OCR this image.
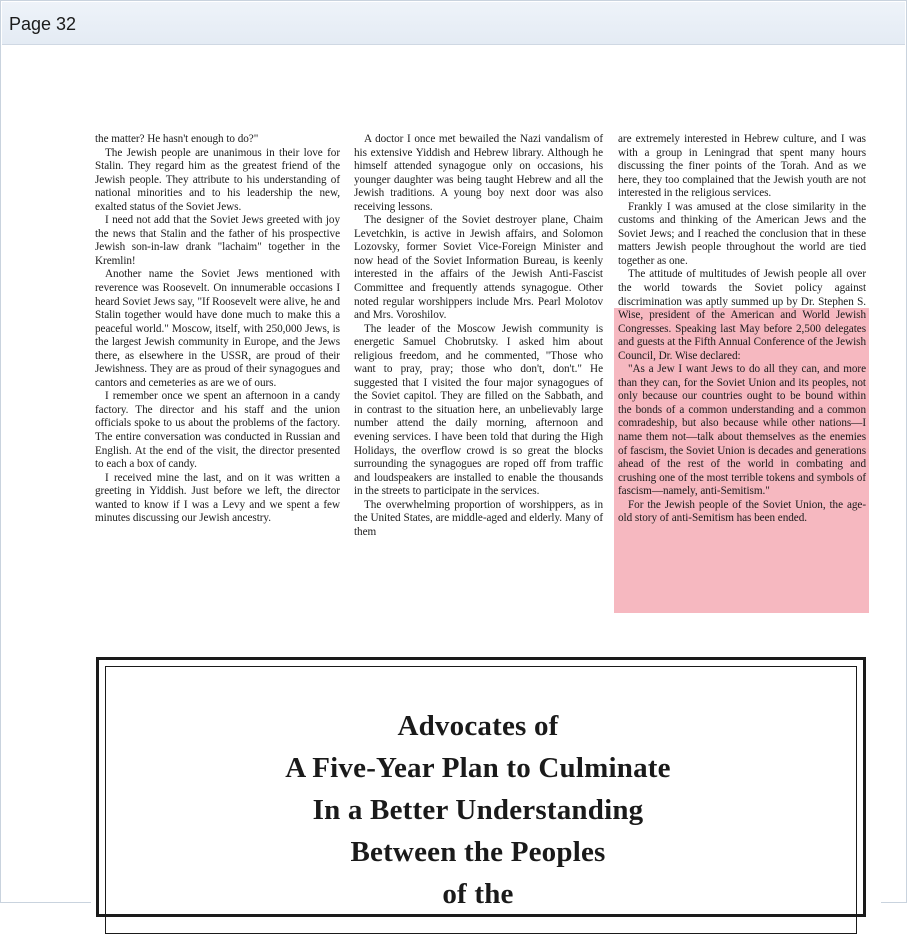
Page 32

the matter? He hasn't enough to do?"

The Jewish people are unanimous in their love for Stalin. They regard him as the greatest friend of the Jewish people. They attribute to his understanding of national minorities and to his leadership the new, exalted status of the Soviet Jews.

I need not add that the Soviet Jews greeted with joy the news that Stalin and the father of his prospective Jewish son-in-law drank "lachaim" together in the Kremlin!

Another name the Soviet Jews mentioned with reverence was Roosevelt. On innumerable occasions I heard Soviet Jews say, "If Roosevelt were alive, he and Stalin together would have done much to make this a peaceful world." Moscow, itself, with 250,000 Jews, is the largest Jewish community in Europe, and the Jews there, as elsewhere in the USSR, are proud of their Jewishness. They are as proud of their synagogues and cantors and cemeteries as are we of ours.

I remember once we spent an afternoon in a candy factory. The director and his staff and the union officials spoke to us about the problems of the factory. The entire conversation was conducted in Russian and English. At the end of the visit, the director presented to each a box of candy.

I received mine the last, and on it was written a greeting in Yiddish. Just before we left, the director wanted to know if I was a Levy and we spent a few minutes discussing our Jewish ancestry.

A doctor I once met bewailed the Nazi vandalism of his extensive Yiddish and Hebrew library. Although he himself attended synagogue only on occasions, his younger daughter was being taught Hebrew and all the Jewish traditions. A young boy next door was also receiving lessons.

The designer of the Soviet destroyer plane, Chaim Levetchkin, is active in Jewish affairs, and Solomon Lozovsky, former Soviet Vice-Foreign Minister and now head of the Soviet Information Bureau, is keenly interested in the affairs of the Jewish Anti-Fascist Committee and frequently attends synagogue. Other noted regular worshippers include Mrs. Pearl Molotov and Mrs. Voroshilov.

The leader of the Moscow Jewish community is energetic Samuel Chobrutsky. I asked him about religious freedom, and he commented, "Those who want to pray, pray; those who don't, don't." He suggested that I visited the four major synagogues of the Soviet capitol. They are filled on the Sabbath, and in contrast to the situation here, an unbelievably large number attend the daily morning, afternoon and evening services. I have been told that during the High Holidays, the overflow crowd is so great the blocks surrounding the synagogues are roped off from traffic and loudspeakers are installed to enable the thousands in the streets to participate in the services.

The overwhelming proportion of worshippers, as in the United States, are middle-aged and elderly. Many of them

are extremely interested in Hebrew culture, and I was with a group in Leningrad that spent many hours discussing the finer points of the Torah. And as we here, they too complained that the Jewish youth are not interested in the religious services.

Frankly I was amused at the close similarity in the customs and thinking of the American Jews and the Soviet Jews; and I reached the conclusion that in these matters Jewish people throughout the world are tied together as one.

The attitude of multitudes of Jewish people all over the world towards the Soviet policy against discrimination was aptly summed up by Dr. Stephen S. Wise, president of the American and World Jewish Congresses. Speaking last May before 2,500 delegates and guests at the Fifth Annual Conference of the Jewish Council, Dr. Wise declared:

"As a Jew I want Jews to do all they can, and more than they can, for the Soviet Union and its peoples, not only because our countries ought to be bound within the bonds of a common understanding and a common comradeship, but also because while other nations—I name them not—talk about themselves as the enemies of fascism, the Soviet Union is decades and generations ahead of the rest of the world in combating and crushing one of the most terrible tokens and symbols of fascism—namely, anti-Semitism."

For the Jewish people of the Soviet Union, the age-old story of anti-Semitism has been ended.

Advocates of
A Five-Year Plan to Culminate
In a Better Understanding
Between the Peoples
of the
